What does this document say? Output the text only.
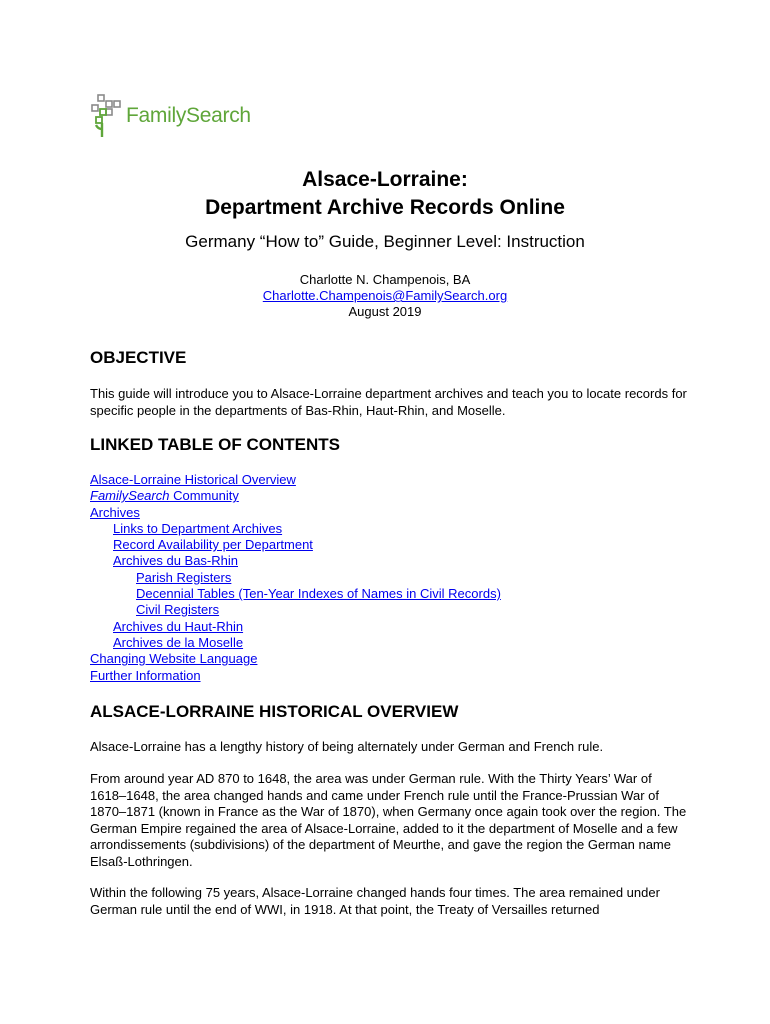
FamilySearch
Alsace-Lorraine:
Department Archive Records Online
Germany “How to” Guide, Beginner Level: Instruction
Charlotte N. Champenois, BA
Charlotte.Champenois@FamilySearch.org
August 2019
OBJECTIVE
This guide will introduce you to Alsace-Lorraine department archives and teach you to locate records for specific people in the departments of Bas-Rhin, Haut-Rhin, and Moselle.
LINKED TABLE OF CONTENTS
Alsace-Lorraine Historical Overview
FamilySearch Community
Archives
Links to Department Archives
Record Availability per Department
Archives du Bas-Rhin
Parish Registers
Decennial Tables (Ten-Year Indexes of Names in Civil Records)
Civil Registers
Archives du Haut-Rhin
Archives de la Moselle
Changing Website Language
Further Information
ALSACE-LORRAINE HISTORICAL OVERVIEW
Alsace-Lorraine has a lengthy history of being alternately under German and French rule.
From around year AD 870 to 1648, the area was under German rule. With the Thirty Years’ War of 1618–1648, the area changed hands and came under French rule until the France-Prussian War of 1870–1871 (known in France as the War of 1870), when Germany once again took over the region. The German Empire regained the area of Alsace-Lorraine, added to it the department of Moselle and a few arrondissements (subdivisions) of the department of Meurthe, and gave the region the German name Elsaß-Lothringen.
Within the following 75 years, Alsace-Lorraine changed hands four times. The area remained under German rule until the end of WWI, in 1918. At that point, the Treaty of Versailles returned
